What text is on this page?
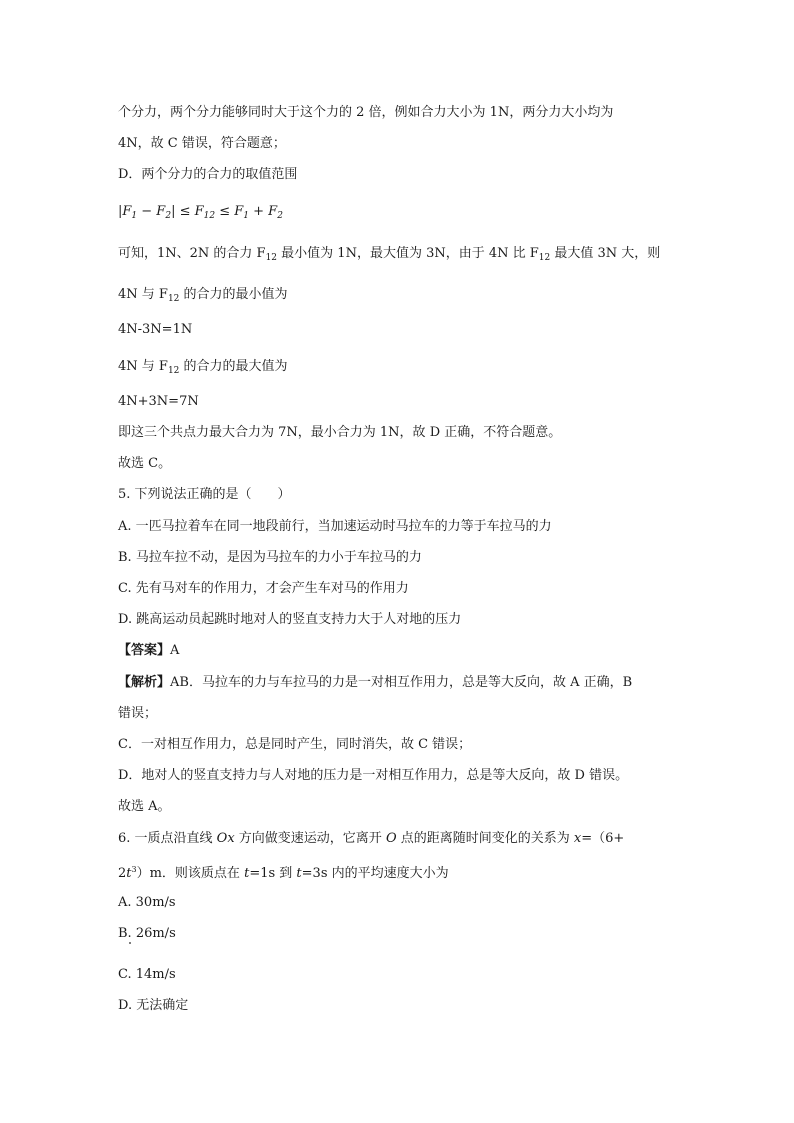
个分力，两个分力能够同时大于这个力的 2 倍，例如合力大小为 1N，两分力大小均为
4N，故 C 错误，符合题意；
D．两个分力的合力的取值范围
$|F_1 - F_2| \le F_{12} \le F_1 + F_2$
可知，1N、2N 的合力 $F_{12}$ 最小值为 1N，最大值为 3N，由于 4N 比 $F_{12}$ 最大值 3N 大，则
4N 与 $F_{12}$ 的合力的最小值为
4N-3N=1N
4N 与 $F_{12}$ 的合力的最大值为
4N+3N=7N
即这三个共点力最大合力为 7N，最小合力为 1N，故 D 正确，不符合题意。
故选 C。
5. 下列说法正确的是（　　）
A. 一匹马拉着车在同一地段前行，当加速运动时马拉车的力等于车拉马的力
B. 马拉车拉不动，是因为马拉车的力小于车拉马的力
C. 先有马对车的作用力，才会产生车对马的作用力
D. 跳高运动员起跳时地对人的竖直支持力大于人对地的压力
【答案】A
【解析】AB．马拉车的力与车拉马的力是一对相互作用力，总是等大反向，故 A 正确，B
错误；
C．一对相互作用力，总是同时产生，同时消失，故 C 错误；
D．地对人的竖直支持力与人对地的压力是一对相互作用力，总是等大反向，故 D 错误。
故选 A。
6. 一质点沿直线 Ox 方向做变速运动，它离开 O 点的距离随时间变化的关系为 x=（6+
$2t^3)m$．则该质点在 t=1s 到 t=3s 内的平均速度大小为
A. 30m/s
B. 26m/s
C. 14m/s
D. 无法确定
